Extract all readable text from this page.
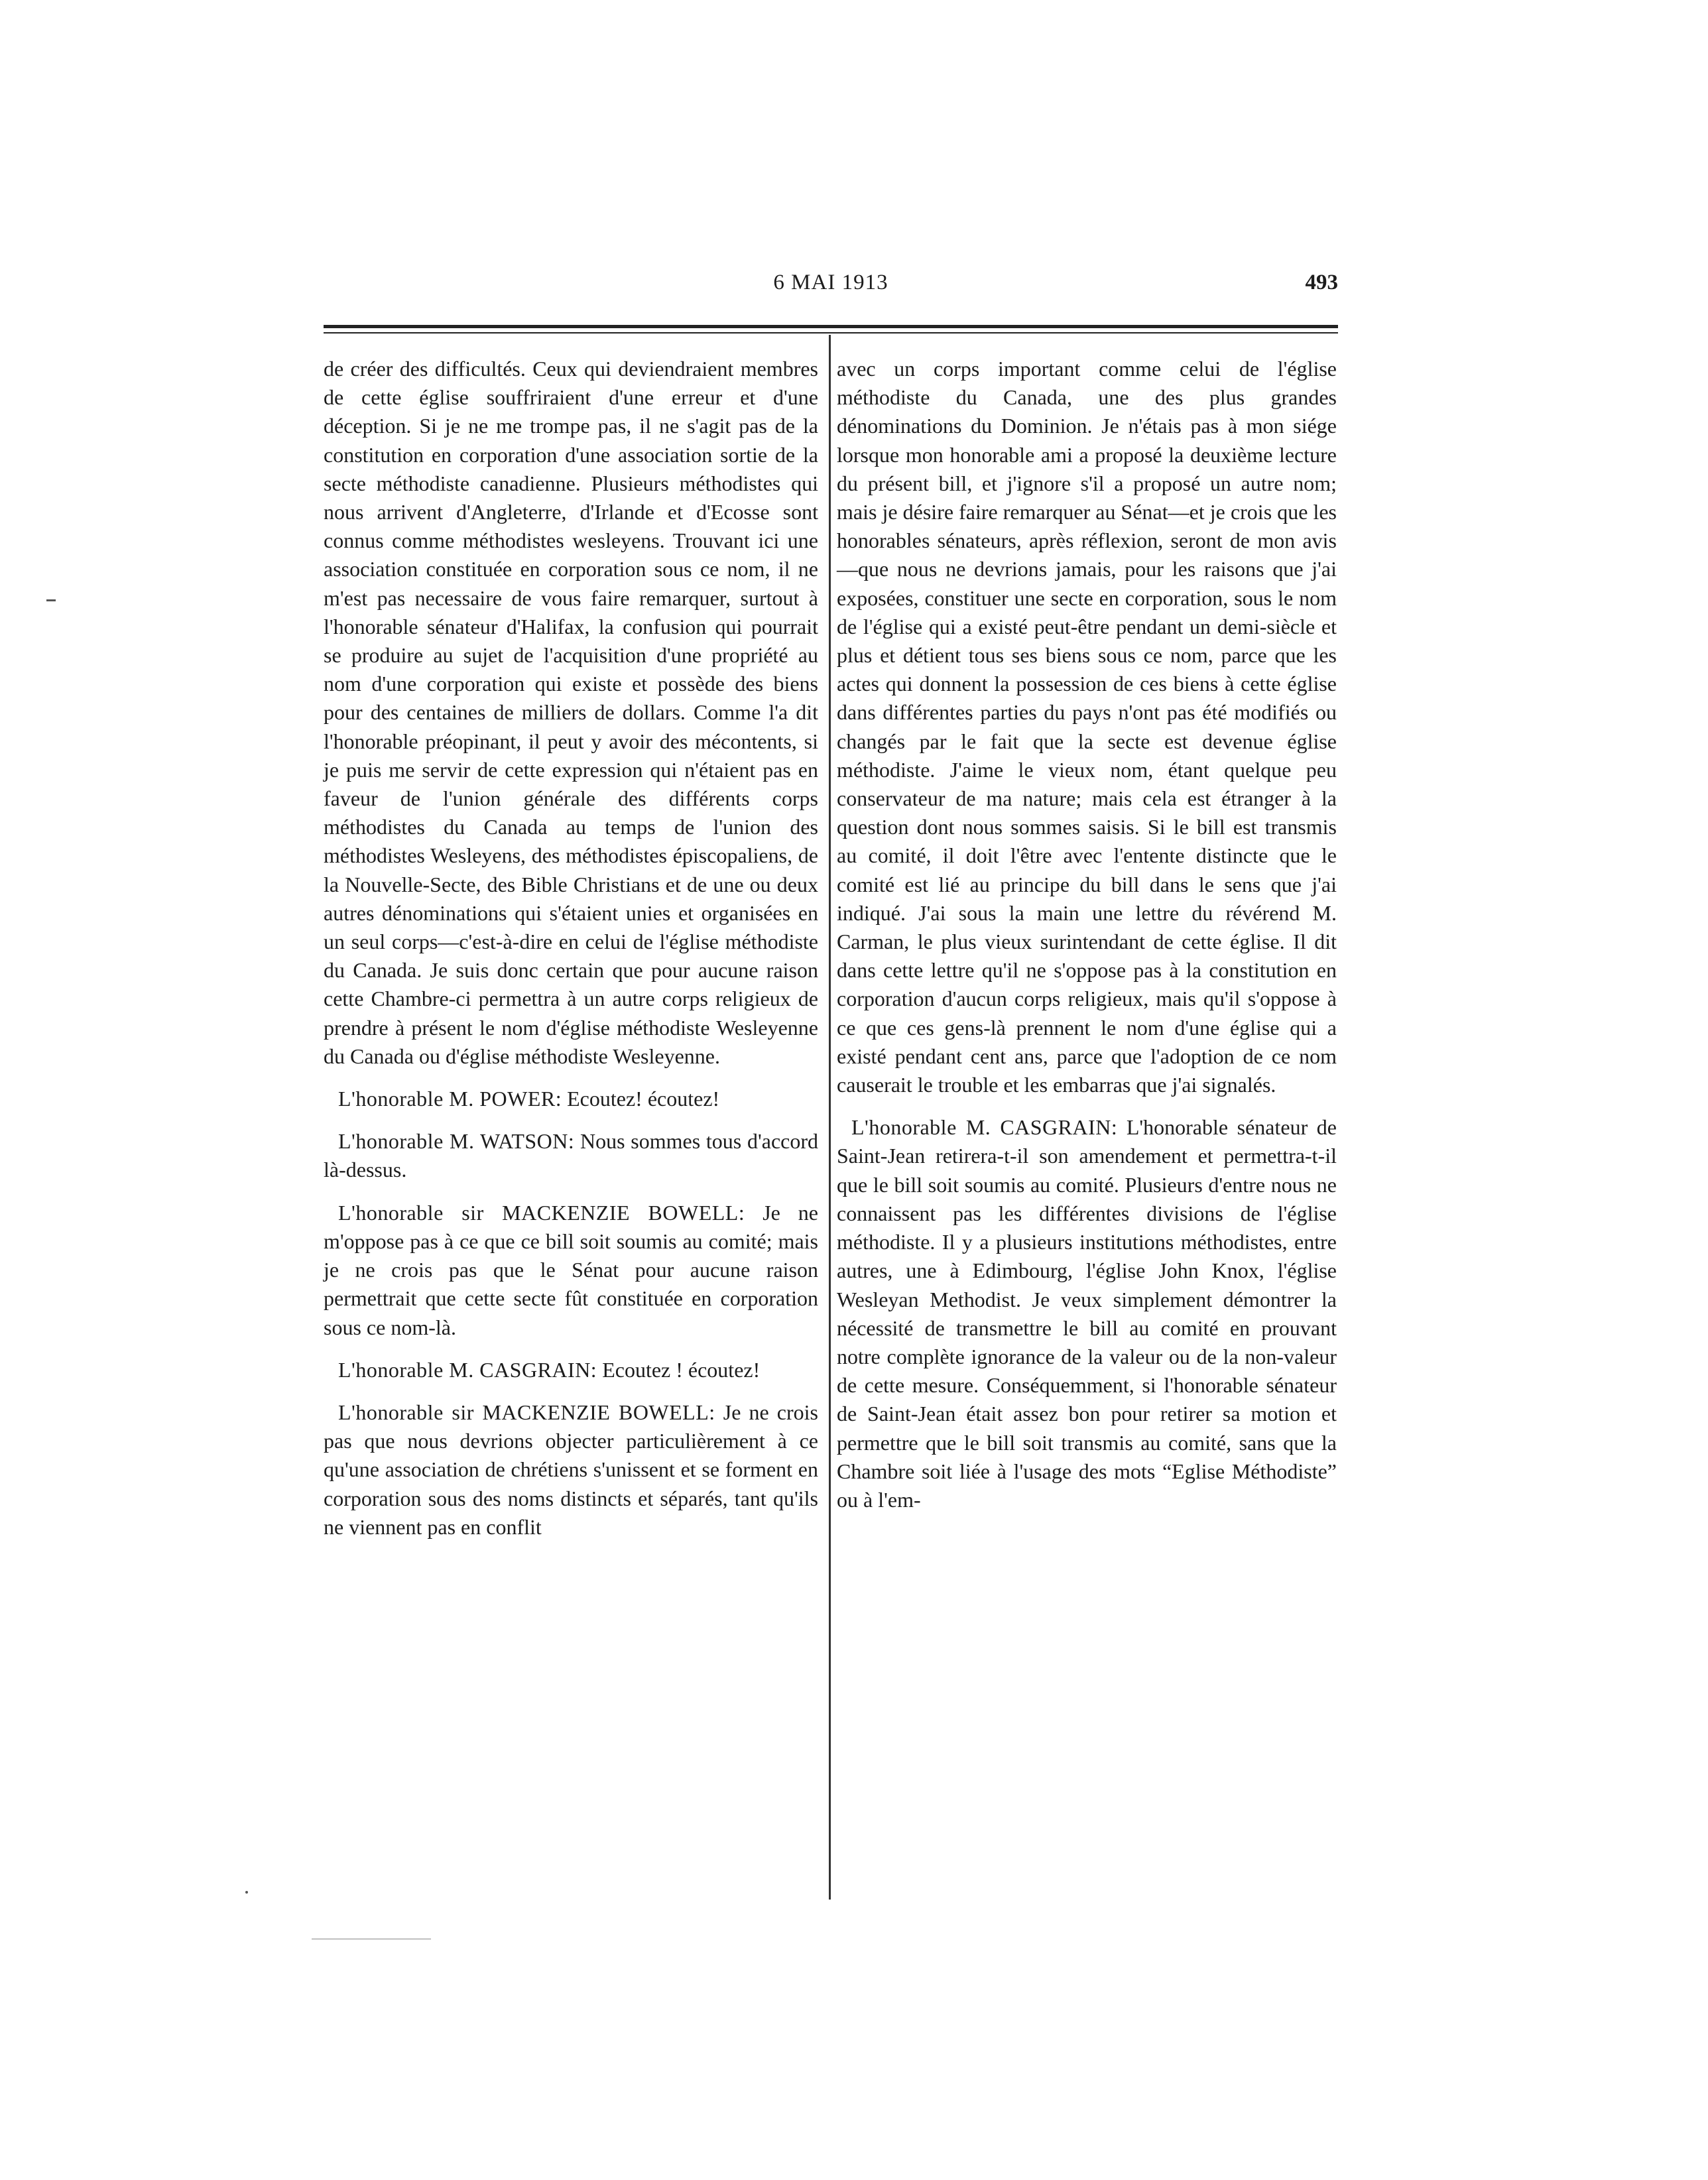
6 MAI 1913	493

de créer des difficultés. Ceux qui deviendraient membres de cette église souffriraient d'une erreur et d'une déception. Si je ne me trompe pas, il ne s'agit pas de la constitution en corporation d'une association sortie de la secte méthodiste canadienne. Plusieurs méthodistes qui nous arrivent d'Angleterre, d'Irlande et d'Ecosse sont connus comme méthodistes wesleyens. Trouvant ici une association constituée en corporation sous ce nom, il ne m'est pas necessaire de vous faire remarquer, surtout à l'honorable sénateur d'Halifax, la confusion qui pourrait se produire au sujet de l'acquisition d'une propriété au nom d'une corporation qui existe et possède des biens pour des centaines de milliers de dollars. Comme l'a dit l'honorable préopinant, il peut y avoir des mécontents, si je puis me servir de cette expression qui n'étaient pas en faveur de l'union générale des différents corps méthodistes du Canada au temps de l'union des méthodistes Wesleyens, des méthodistes épiscopaliens, de la Nouvelle-Secte, des Bible Christians et de une ou deux autres dénominations qui s'étaient unies et organisées en un seul corps—c'est-à-dire en celui de l'église méthodiste du Canada. Je suis donc certain que pour aucune raison cette Chambre-ci permettra à un autre corps religieux de prendre à présent le nom d'église méthodiste Wesleyenne du Canada ou d'église méthodiste Wesleyenne.

L'honorable M. POWER: Ecoutez! écoutez!

L'honorable M. WATSON: Nous sommes tous d'accord là-dessus.

L'honorable sir MACKENZIE BOWELL: Je ne m'oppose pas à ce que ce bill soit soumis au comité; mais je ne crois pas que le Sénat pour aucune raison permettrait que cette secte fût constituée en corporation sous ce nom-là.

L'honorable M. CASGRAIN: Ecoutez ! écoutez!

L'honorable sir MACKENZIE BOWELL: Je ne crois pas que nous devrions objecter particulièrement à ce qu'une association de chrétiens s'unissent et se forment en corporation sous des noms distincts et séparés, tant qu'ils ne viennent pas en conflit

avec un corps important comme celui de l'église méthodiste du Canada, une des plus grandes dénominations du Dominion. Je n'étais pas à mon siége lorsque mon honorable ami a proposé la deuxième lecture du présent bill, et j'ignore s'il a proposé un autre nom; mais je désire faire remarquer au Sénat—et je crois que les honorables sénateurs, après réflexion, seront de mon avis—que nous ne devrions jamais, pour les raisons que j'ai exposées, constituer une secte en corporation, sous le nom de l'église qui a existé peut-être pendant un demi-siècle et plus et détient tous ses biens sous ce nom, parce que les actes qui donnent la possession de ces biens à cette église dans différentes parties du pays n'ont pas été modifiés ou changés par le fait que la secte est devenue église méthodiste. J'aime le vieux nom, étant quelque peu conservateur de ma nature; mais cela est étranger à la question dont nous sommes saisis. Si le bill est transmis au comité, il doit l'être avec l'entente distincte que le comité est lié au principe du bill dans le sens que j'ai indiqué. J'ai sous la main une lettre du révérend M. Carman, le plus vieux surintendant de cette église. Il dit dans cette lettre qu'il ne s'oppose pas à la constitution en corporation d'aucun corps religieux, mais qu'il s'oppose à ce que ces gens-là prennent le nom d'une église qui a existé pendant cent ans, parce que l'adoption de ce nom causerait le trouble et les embarras que j'ai signalés.

L'honorable M. CASGRAIN: L'honorable sénateur de Saint-Jean retirera-t-il son amendement et permettra-t-il que le bill soit soumis au comité. Plusieurs d'entre nous ne connaissent pas les différentes divisions de l'église méthodiste. Il y a plusieurs institutions méthodistes, entre autres, une à Edimbourg, l'église John Knox, l'église Wesleyan Methodist. Je veux simplement démontrer la nécessité de transmettre le bill au comité en prouvant notre complète ignorance de la valeur ou de la non-valeur de cette mesure. Conséquemment, si l'honorable sénateur de Saint-Jean était assez bon pour retirer sa motion et permettre que le bill soit transmis au comité, sans que la Chambre soit liée à l'usage des mots “Eglise Méthodiste” ou à l'em-
